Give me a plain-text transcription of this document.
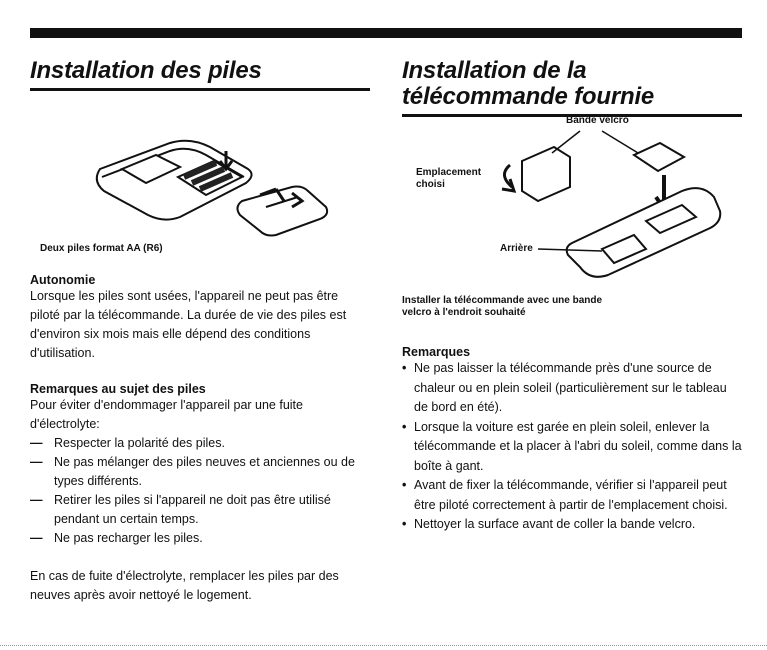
Installation des piles
Deux piles format AA (R6)

Autonomie

Lorsque les piles sont usées, l'appareil ne peut pas être piloté par la télécommande. La durée de vie des piles est d'environ six mois mais elle dépend des conditions d'utilisation.

Remarques au sujet des piles

Pour éviter d'endommager l'appareil par une fuite d'électrolyte:

— Respecter la polarité des piles.
— Ne pas mélanger des piles neuves et anciennes ou de types différents.
— Retirer les piles si l'appareil ne doit pas être utilisé pendant un certain temps.
— Ne pas recharger les piles.

En cas de fuite d'électrolyte, remplacer les piles par des neuves après avoir nettoyé le logement.

Installation de la
télécommande fournie
Bande velcro
Emplacement
choisi
Arrière
Installer la télécommande avec une bande
velcro à l'endroit souhaité

Remarques

• Ne pas laisser la télécommande près d'une source de chaleur ou en plein soleil (particulièrement sur le tableau de bord en été).
• Lorsque la voiture est garée en plein soleil, enlever la télécommande et la placer à l'abri du soleil, comme dans la boîte à gant.
• Avant de fixer la télécommande, vérifier si l'appareil peut être piloté correctement à partir de l'emplacement choisi.
• Nettoyer la surface avant de coller la bande velcro.
